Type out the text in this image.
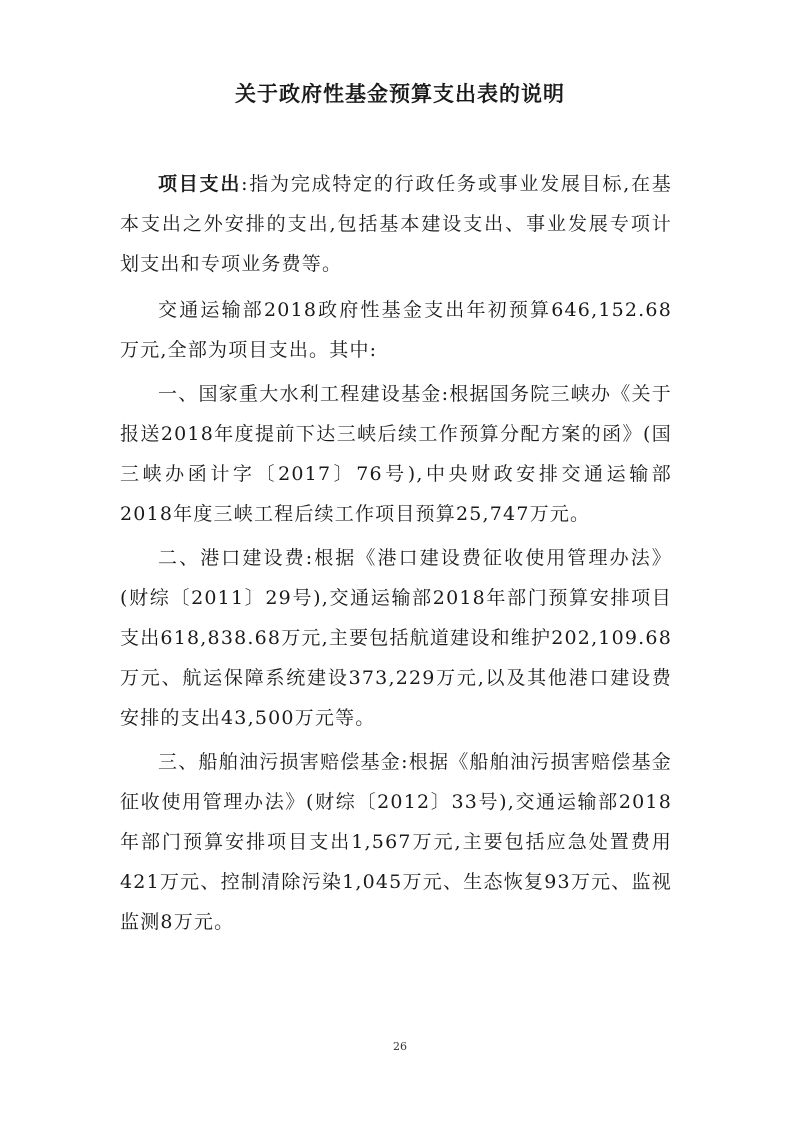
关于政府性基金预算支出表的说明

项目支出:指为完成特定的行政任务或事业发展目标,在基本支出之外安排的支出,包括基本建设支出、事业发展专项计划支出和专项业务费等。

交通运输部2018政府性基金支出年初预算646,152.68万元,全部为项目支出。其中:

一、国家重大水利工程建设基金:根据国务院三峡办《关于报送2018年度提前下达三峡后续工作预算分配方案的函》(国三峡办函计字〔2017〕76号),中央财政安排交通运输部2018年度三峡工程后续工作项目预算25,747万元。

二、港口建设费:根据《港口建设费征收使用管理办法》(财综〔2011〕29号),交通运输部2018年部门预算安排项目支出618,838.68万元,主要包括航道建设和维护202,109.68万元、航运保障系统建设373,229万元,以及其他港口建设费安排的支出43,500万元等。

三、船舶油污损害赔偿基金:根据《船舶油污损害赔偿基金征收使用管理办法》(财综〔2012〕33号),交通运输部2018年部门预算安排项目支出1,567万元,主要包括应急处置费用421万元、控制清除污染1,045万元、生态恢复93万元、监视监测8万元。

26
